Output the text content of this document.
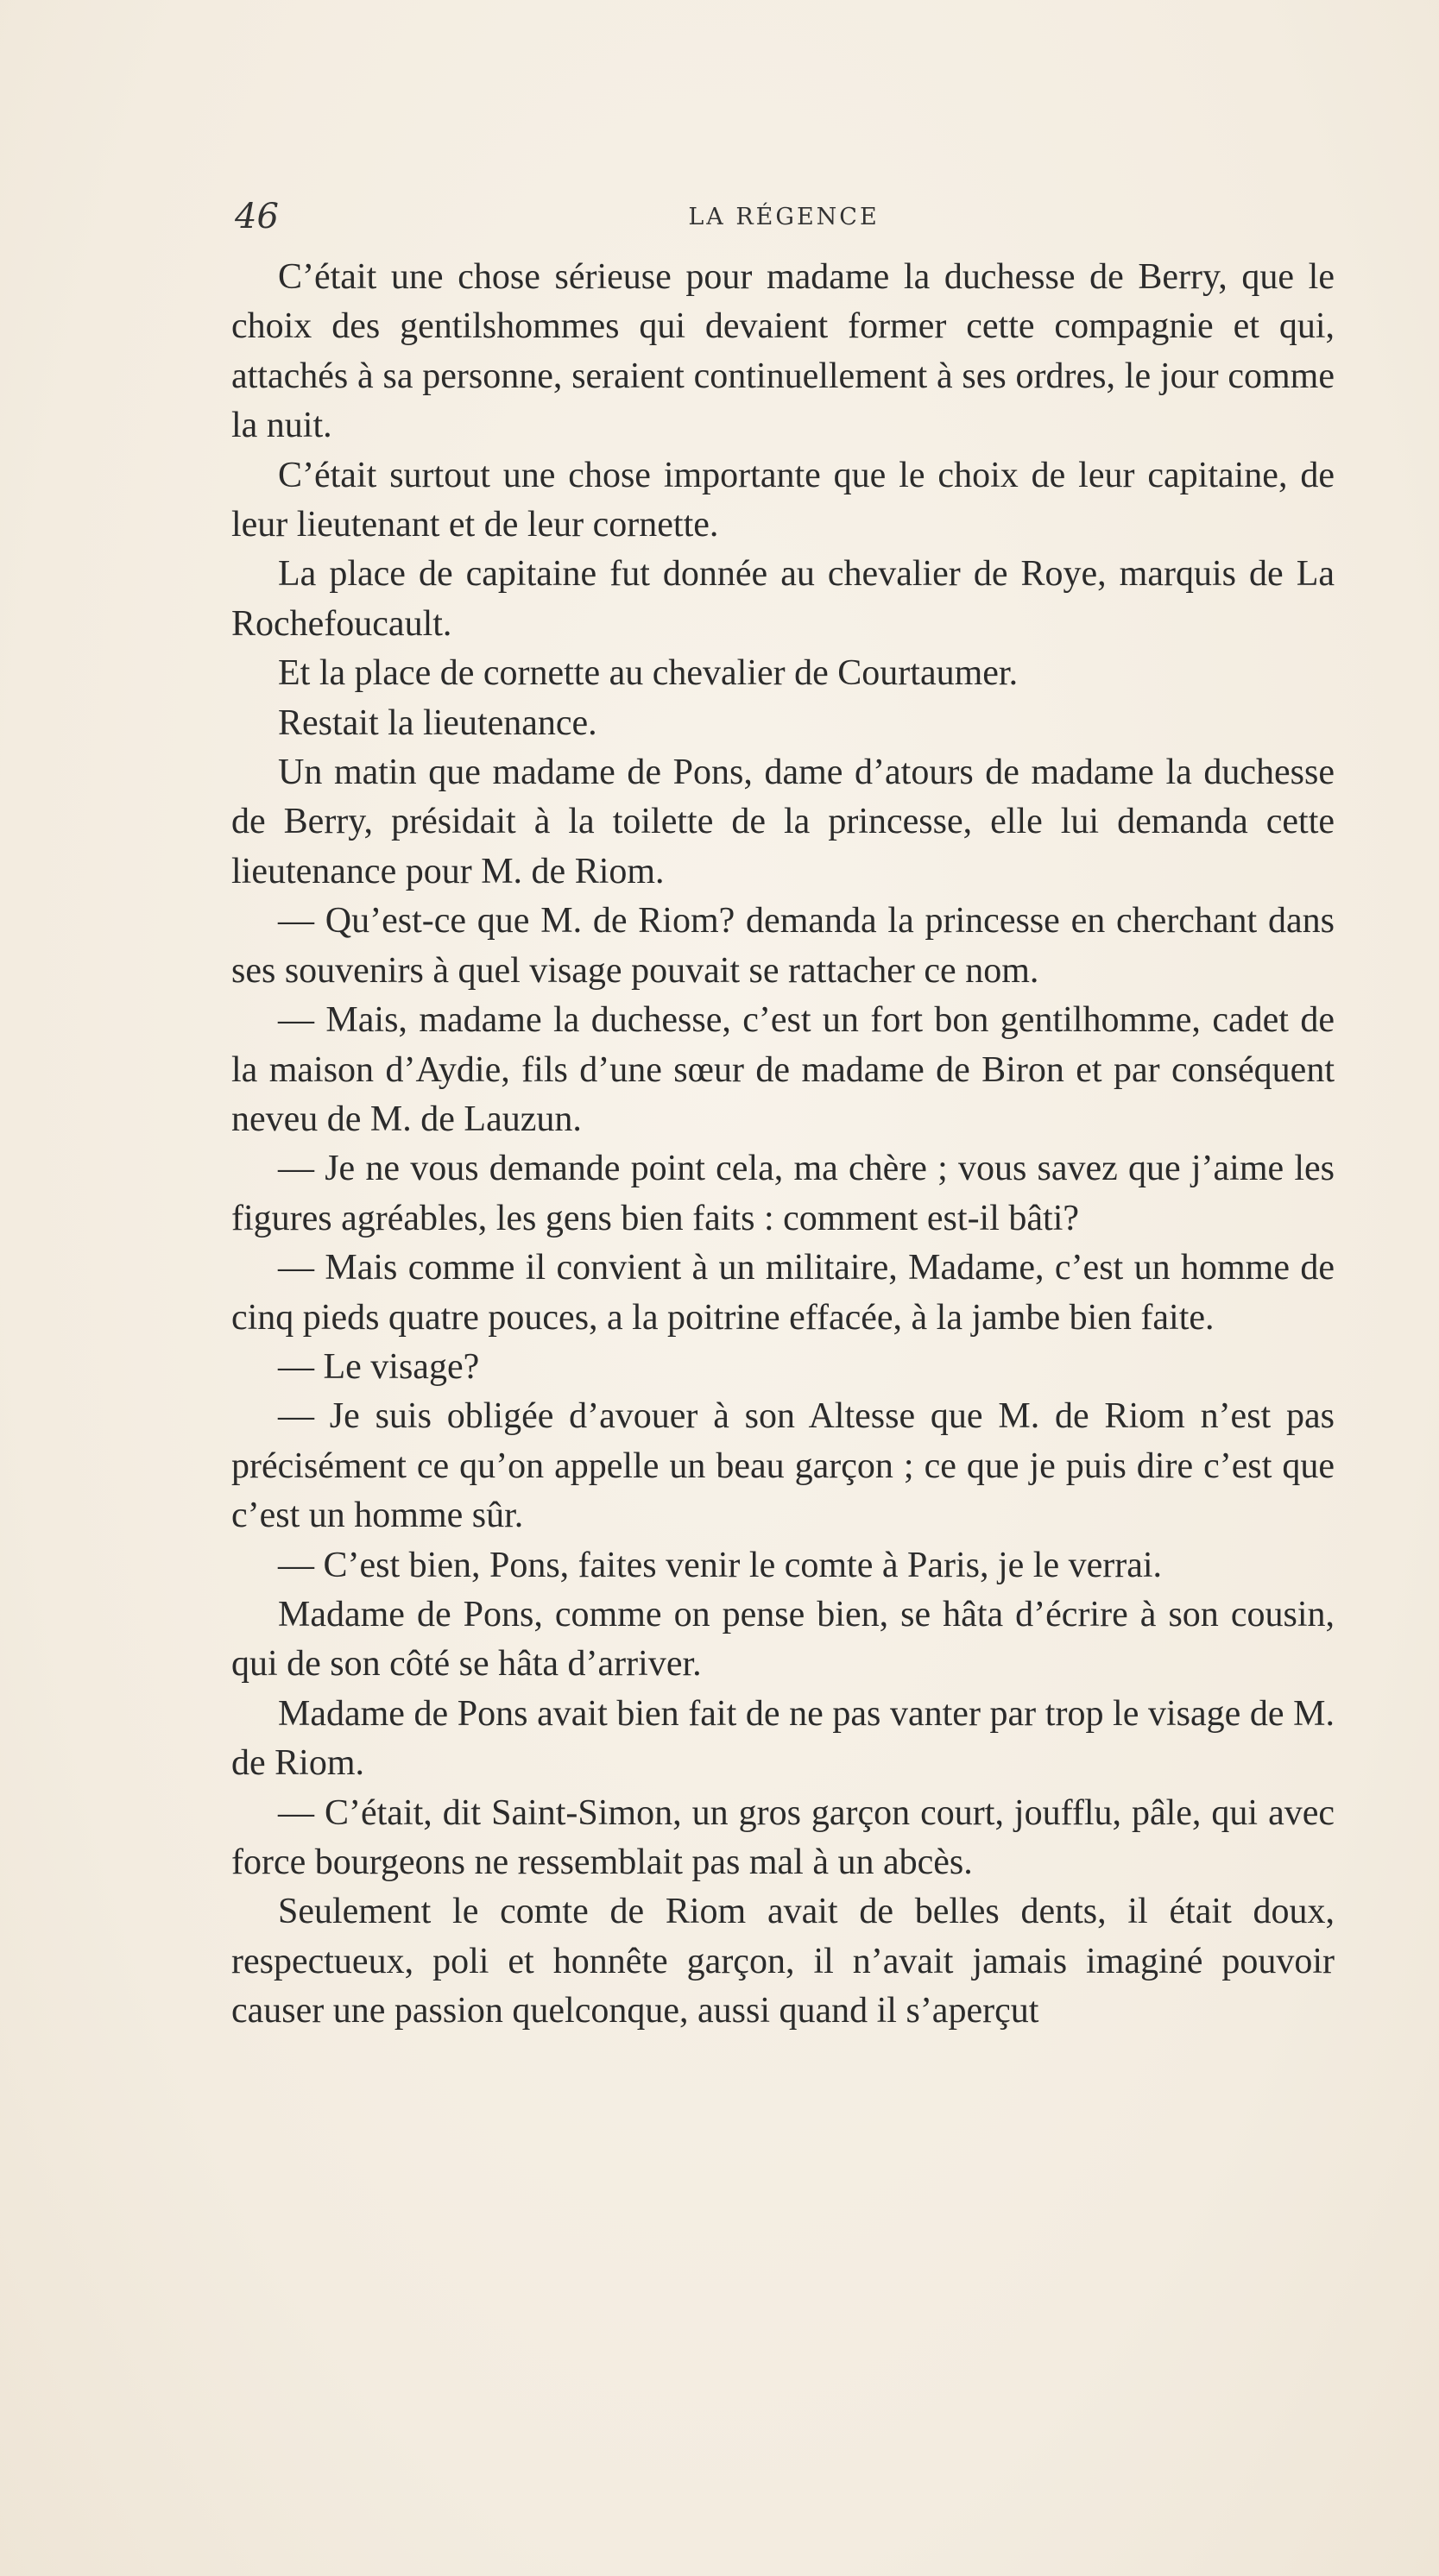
46	LA RÉGENCE

C’était une chose sérieuse pour madame la duchesse de Berry, que le choix des gentilshommes qui devaient former cette compagnie et qui, attachés à sa personne, seraient continuellement à ses ordres, le jour comme la nuit.

C’était surtout une chose importante que le choix de leur capitaine, de leur lieutenant et de leur cornette.

La place de capitaine fut donnée au chevalier de Roye, marquis de La Rochefoucault.

Et la place de cornette au chevalier de Courtaumer.

Restait la lieutenance.

Un matin que madame de Pons, dame d’atours de madame la duchesse de Berry, présidait à la toilette de la princesse, elle lui demanda cette lieutenance pour M. de Riom.

— Qu’est-ce que M. de Riom? demanda la princesse en cherchant dans ses souvenirs à quel visage pouvait se rattacher ce nom.

— Mais, madame la duchesse, c’est un fort bon gentilhomme, cadet de la maison d’Aydie, fils d’une sœur de madame de Biron et par conséquent neveu de M. de Lauzun.

— Je ne vous demande point cela, ma chère ; vous savez que j’aime les figures agréables, les gens bien faits : comment est-il bâti?

— Mais comme il convient à un militaire, Madame, c’est un homme de cinq pieds quatre pouces, a la poitrine effacée, à la jambe bien faite.

— Le visage?

— Je suis obligée d’avouer à son Altesse que M. de Riom n’est pas précisément ce qu’on appelle un beau garçon ; ce que je puis dire c’est que c’est un homme sûr.

— C’est bien, Pons, faites venir le comte à Paris, je le verrai.

Madame de Pons, comme on pense bien, se hâta d’écrire à son cousin, qui de son côté se hâta d’arriver.

Madame de Pons avait bien fait de ne pas vanter par trop le visage de M. de Riom.

— C’était, dit Saint-Simon, un gros garçon court, joufflu, pâle, qui avec force bourgeons ne ressemblait pas mal à un abcès.

Seulement le comte de Riom avait de belles dents, il était doux, respectueux, poli et honnête garçon, il n’avait jamais imaginé pouvoir causer une passion quelconque, aussi quand il s’aperçut
